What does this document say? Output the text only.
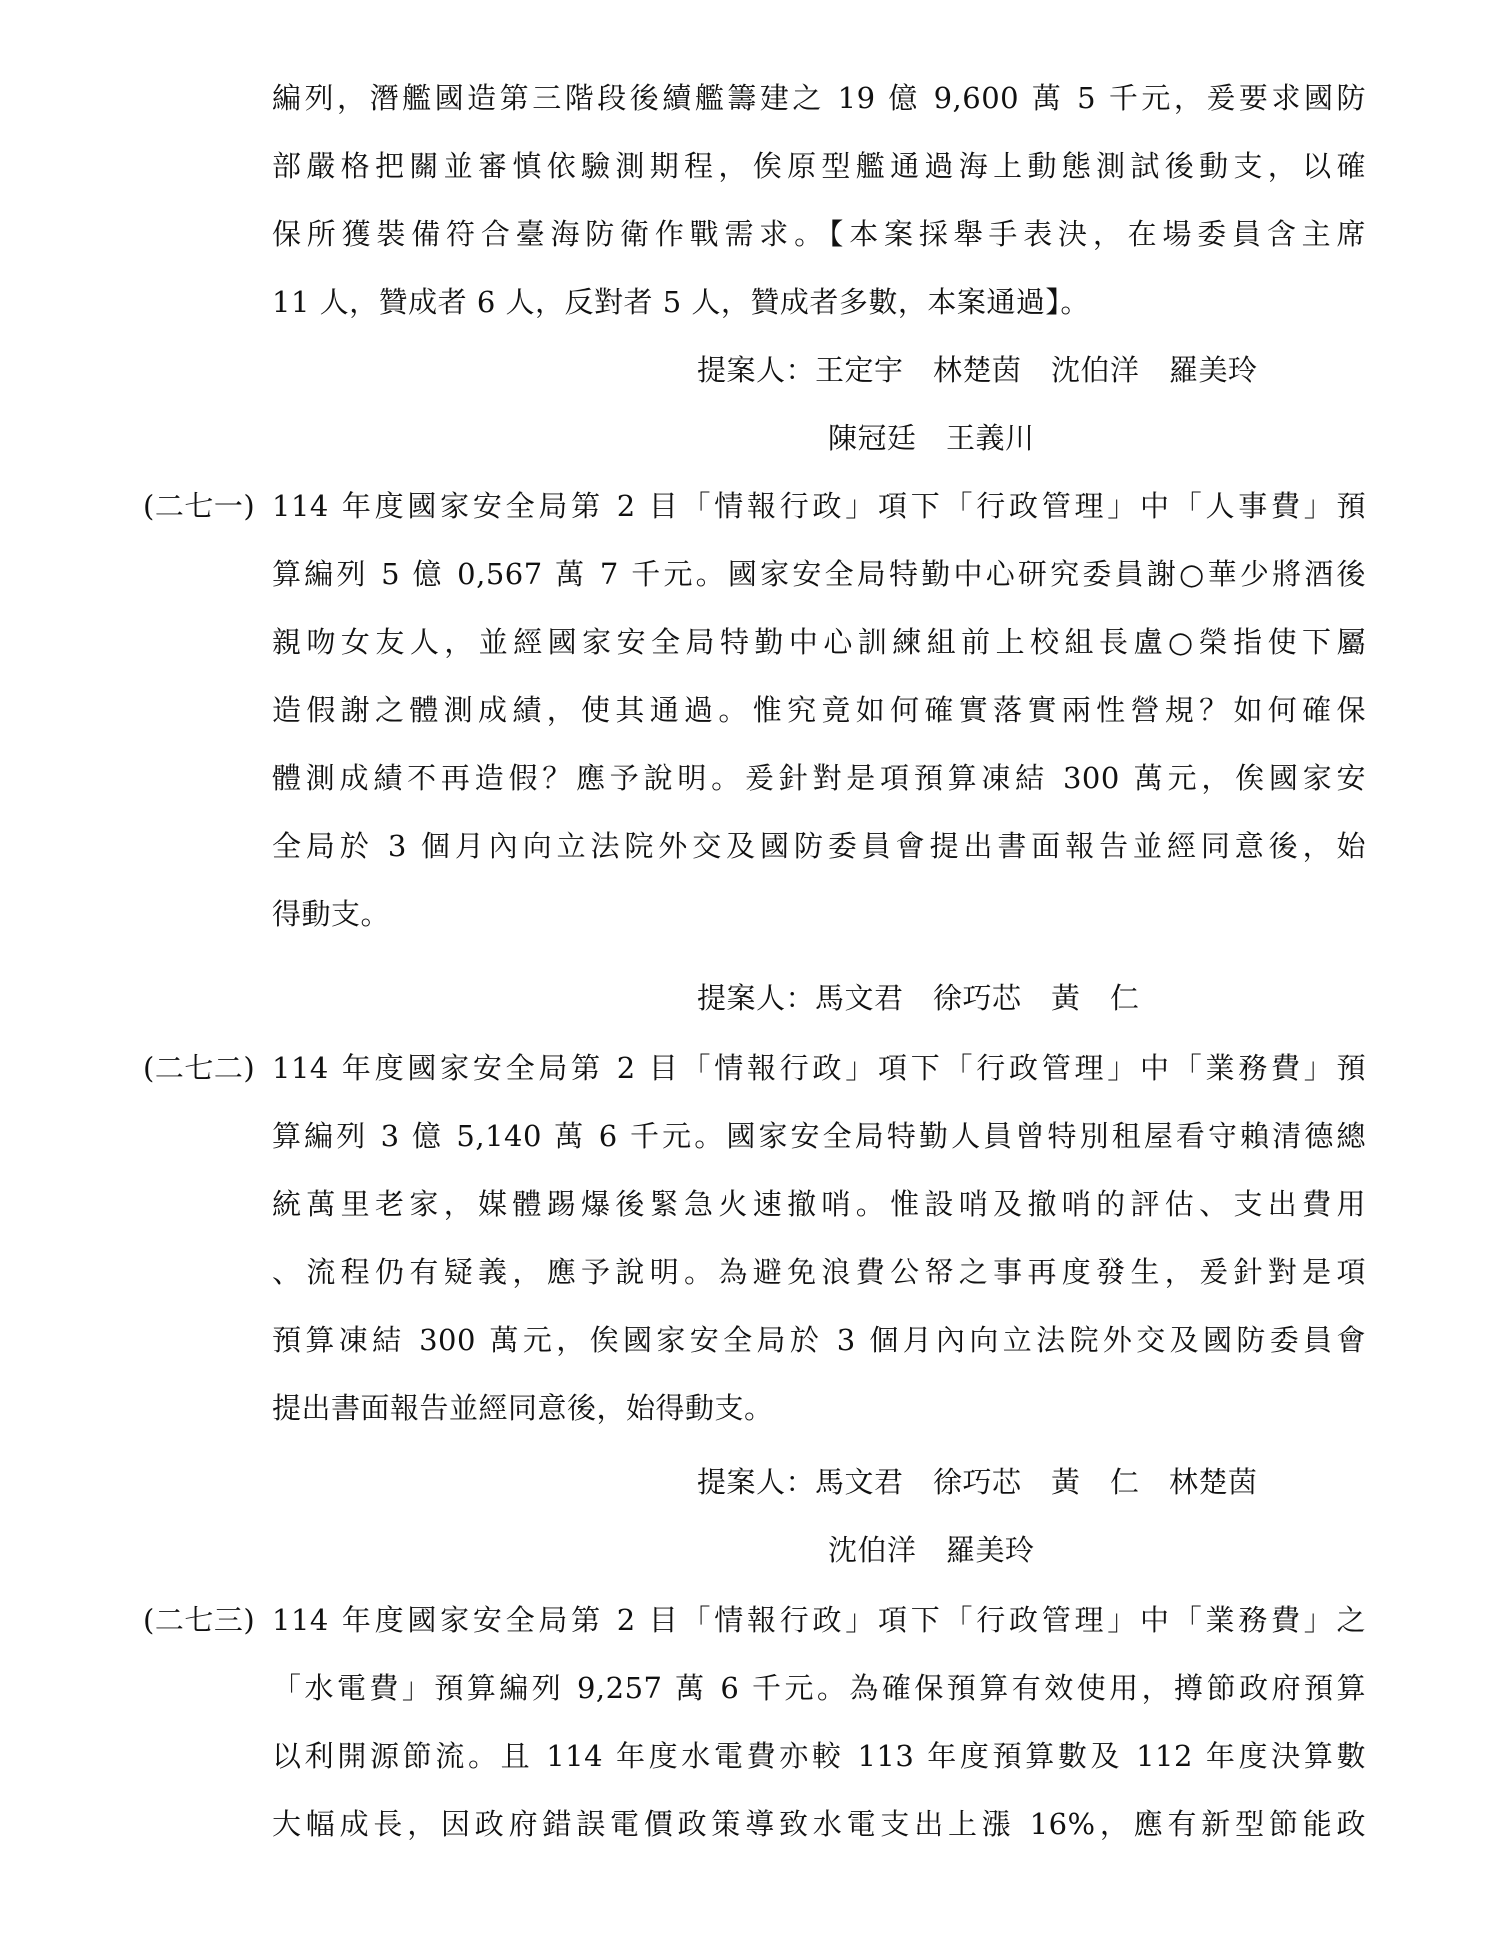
編列，潛艦國造第三階段後續艦籌建之 19 億 9,600 萬 5 千元，爰要求國防
部嚴格把關並審慎依驗測期程，俟原型艦通過海上動態測試後動支，以確
保所獲裝備符合臺海防衛作戰需求。【本案採舉手表決，在場委員含主席
11 人，贊成者 6 人，反對者 5 人，贊成者多數，本案通過】。
提案人：王定宇　林楚茵　沈伯洋　羅美玲
陳冠廷　王義川
(二七一) 114 年度國家安全局第 2 目「情報行政」項下「行政管理」中「人事費」預
算編列 5 億 0,567 萬 7 千元。國家安全局特勤中心研究委員謝○華少將酒後
親吻女友人，並經國家安全局特勤中心訓練組前上校組長盧○榮指使下屬
造假謝之體測成績，使其通過。惟究竟如何確實落實兩性營規？如何確保
體測成績不再造假？應予說明。爰針對是項預算凍結 300 萬元，俟國家安
全局於 3 個月內向立法院外交及國防委員會提出書面報告並經同意後，始
得動支。
提案人：馬文君　徐巧芯　黃　仁
(二七二) 114 年度國家安全局第 2 目「情報行政」項下「行政管理」中「業務費」預
算編列 3 億 5,140 萬 6 千元。國家安全局特勤人員曾特別租屋看守賴清德總
統萬里老家，媒體踢爆後緊急火速撤哨。惟設哨及撤哨的評估、支出費用
、流程仍有疑義，應予說明。為避免浪費公帑之事再度發生，爰針對是項
預算凍結 300 萬元，俟國家安全局於 3 個月內向立法院外交及國防委員會
提出書面報告並經同意後，始得動支。
提案人：馬文君　徐巧芯　黃　仁　林楚茵
沈伯洋　羅美玲
(二七三) 114 年度國家安全局第 2 目「情報行政」項下「行政管理」中「業務費」之
「水電費」預算編列 9,257 萬 6 千元。為確保預算有效使用，撙節政府預算
以利開源節流。且 114 年度水電費亦較 113 年度預算數及 112 年度決算數
大幅成長，因政府錯誤電價政策導致水電支出上漲 16%，應有新型節能政
